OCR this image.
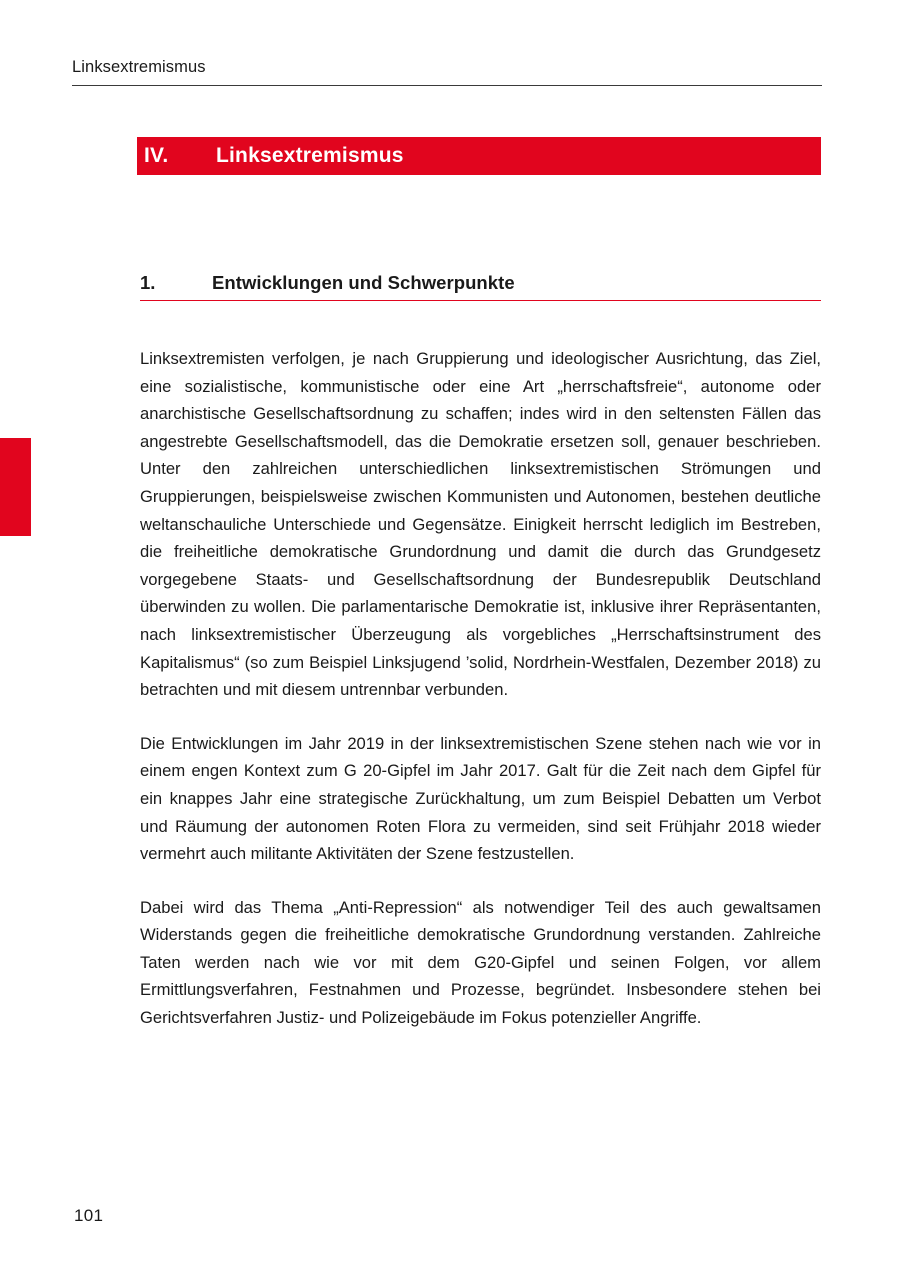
Linksextremismus
IV.	Linksextremismus
1.	Entwicklungen und Schwerpunkte

Linksextremisten verfolgen, je nach Gruppierung und ideologischer Ausrichtung, das Ziel, eine sozialistische, kommunistische oder eine Art „herrschaftsfreie“, autonome oder anarchistische Gesellschaftsordnung zu schaffen; indes wird in den seltensten Fällen das angestrebte Gesellschaftsmodell, das die Demokratie ersetzen soll, genauer beschrieben. Unter den zahlreichen unterschiedlichen linksextremistischen Strömungen und Gruppierungen, beispielsweise zwischen Kommunisten und Autonomen, bestehen deutliche weltanschauliche Unterschiede und Gegensätze. Einigkeit herrscht lediglich im Bestreben, die freiheitliche demokratische Grundordnung und damit die durch das Grundgesetz vorgegebene Staats- und Gesellschaftsordnung der Bundesrepublik Deutschland überwinden zu wollen. Die parlamentarische Demokratie ist, inklusive ihrer Repräsentanten, nach linksextremistischer Überzeugung als vorgebliches „Herrschaftsinstrument des Kapitalismus“ (so zum Beispiel Linksjugend ’solid, Nordrhein-Westfalen, Dezember 2018) zu betrachten und mit diesem untrennbar verbunden.

Die Entwicklungen im Jahr 2019 in der linksextremistischen Szene stehen nach wie vor in einem engen Kontext zum G 20-Gipfel im Jahr 2017. Galt für die Zeit nach dem Gipfel für ein knappes Jahr eine strategische Zurückhaltung, um zum Beispiel Debatten um Verbot und Räumung der autonomen Roten Flora zu vermeiden, sind seit Frühjahr 2018 wieder vermehrt auch militante Aktivitäten der Szene festzustellen.

Dabei wird das Thema „Anti-Repression“ als notwendiger Teil des auch gewaltsamen Widerstands gegen die freiheitliche demokratische Grundordnung verstanden. Zahlreiche Taten werden nach wie vor mit dem G20-Gipfel und seinen Folgen, vor allem Ermittlungsverfahren, Festnahmen und Prozesse, begründet. Insbesondere stehen bei Gerichtsverfahren Justiz- und Polizeigebäude im Fokus potenzieller Angriffe.

101
